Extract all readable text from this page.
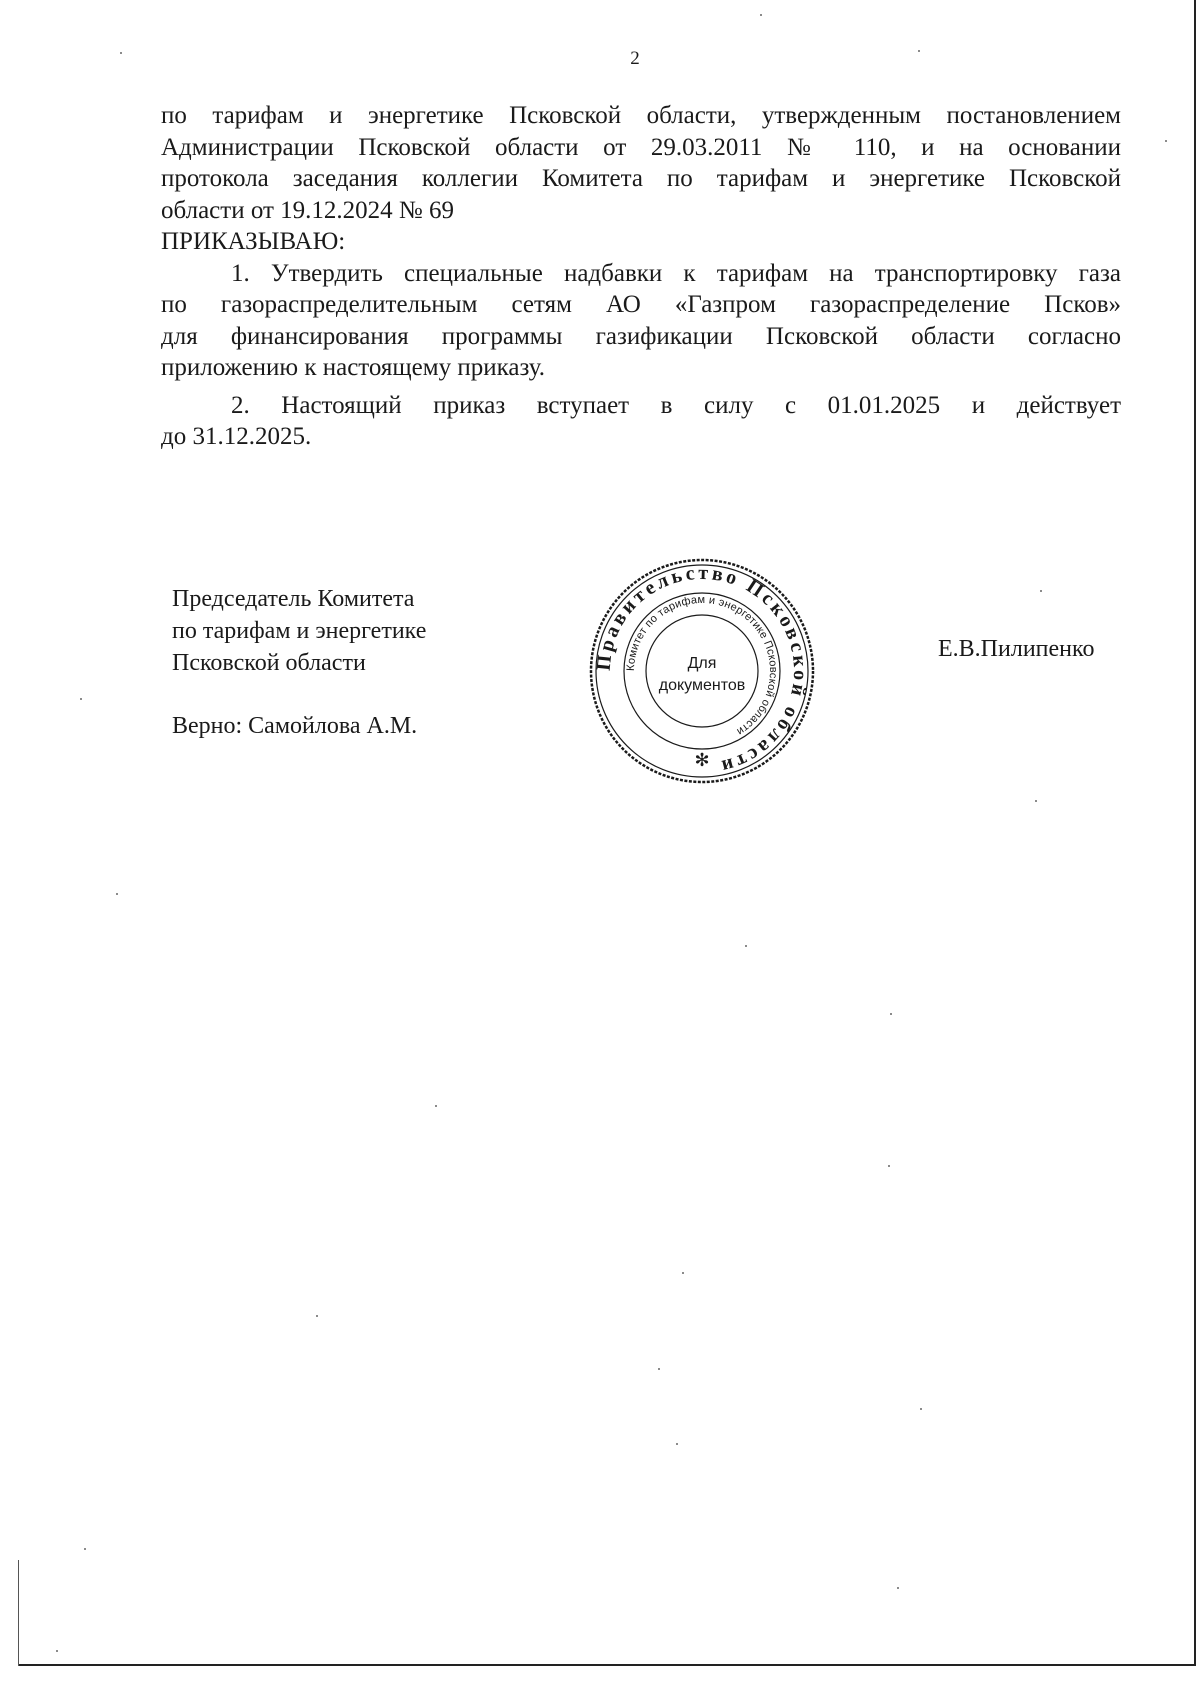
2

по тарифам и энергетике Псковской области, утвержденным постановлением

Администрации Псковской области от 29.03.2011 № 110, и на основании

протокола заседания коллегии Комитета по тарифам и энергетике Псковской

области от 19.12.2024 № 69

ПРИКАЗЫВАЮ:

1. Утвердить специальные надбавки к тарифам на транспортировку газа

по газораспределительным сетям АО «Газпром газораспределение Псков»

для финансирования программы газификации Псковской области согласно

приложению к настоящему приказу.

2. Настоящий приказ вступает в силу с 01.01.2025 и действует

до 31.12.2025.

Председатель Комитета
по тарифам и энергетике
Псковской области
Верно: Самойлова А.М.
Е.В.Пилипенко
Правительство Псковской области
Комитет по тарифам и энергетике Псковской области
Для
документов
✻
